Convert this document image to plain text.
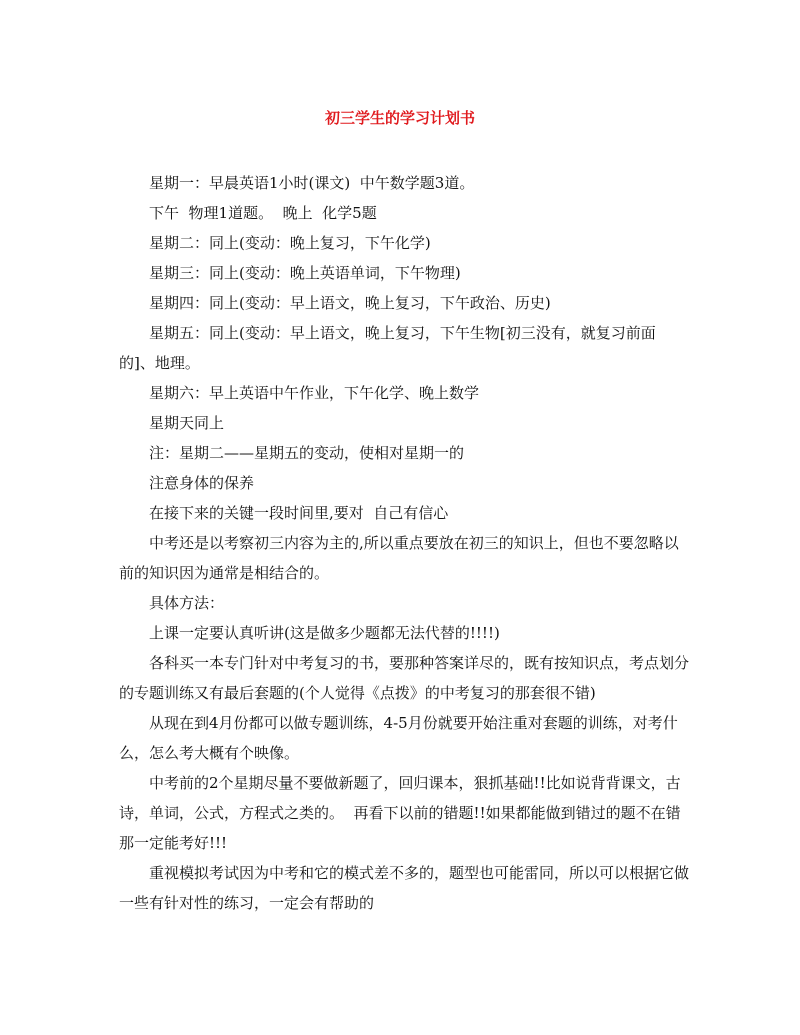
初三学生的学习计划书

星期一：早晨英语1小时(课文)  中午数学题3道。

下午  物理1道题。  晚上  化学5题

星期二：同上(变动：晚上复习，下午化学)

星期三：同上(变动：晚上英语单词，下午物理)

星期四：同上(变动：早上语文，晚上复习，下午政治、历史)

星期五：同上(变动：早上语文，晚上复习，下午生物[初三没有，就复习前面的]、地理。

星期六：早上英语中午作业，下午化学、晚上数学

星期天同上

注：星期二——星期五的变动，使相对星期一的

注意身体的保养

在接下来的关键一段时间里,要对  自己有信心

中考还是以考察初三内容为主的,所以重点要放在初三的知识上，但也不要忽略以前的知识因为通常是相结合的。

具体方法：

上课一定要认真听讲(这是做多少题都无法代替的!!!!)

各科买一本专门针对中考复习的书，要那种答案详尽的，既有按知识点，考点划分的专题训练又有最后套题的(个人觉得《点拨》的中考复习的那套很不错)

从现在到4月份都可以做专题训练，4-5月份就要开始注重对套题的训练，对考什么，怎么考大概有个映像。

中考前的2个星期尽量不要做新题了，回归课本，狠抓基础!!比如说背背课文，古诗，单词，公式，方程式之类的。  再看下以前的错题!!如果都能做到错过的题不在错那一定能考好!!!

重视模拟考试因为中考和它的模式差不多的，题型也可能雷同，所以可以根据它做一些有针对性的练习，一定会有帮助的
